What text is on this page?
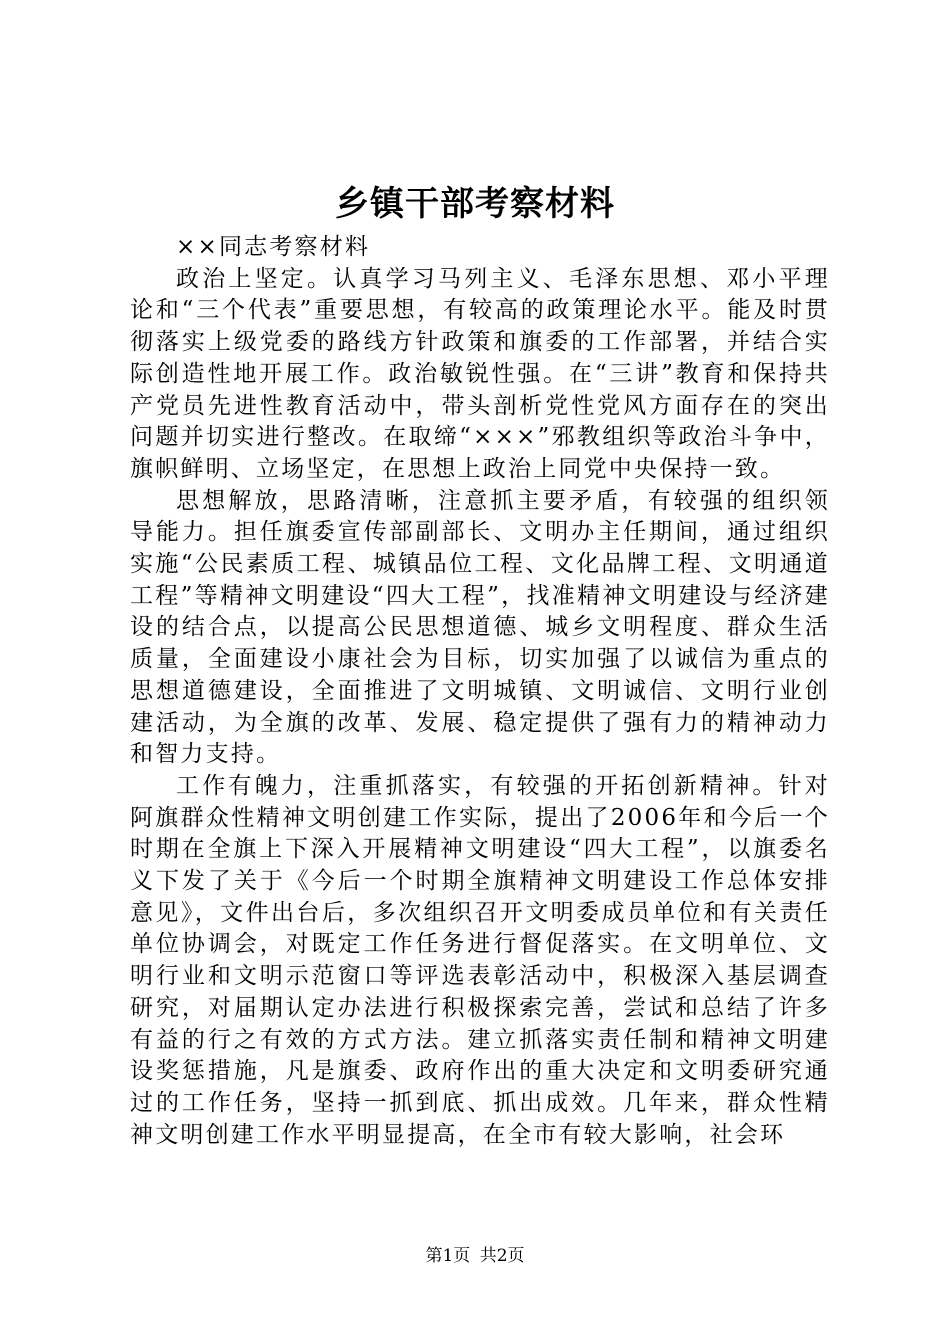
乡镇干部考察材料
××同志考察材料

政治上坚定。认真学习马列主义、毛泽东思想、邓小平理论和“三个代表”重要思想，有较高的政策理论水平。能及时贯彻落实上级党委的路线方针政策和旗委的工作部署，并结合实际创造性地开展工作。政治敏锐性强。在“三讲”教育和保持共产党员先进性教育活动中，带头剖析党性党风方面存在的突出问题并切实进行整改。在取缔“×××”邪教组织等政治斗争中，旗帜鲜明、立场坚定，在思想上政治上同党中央保持一致。

思想解放，思路清晰，注意抓主要矛盾，有较强的组织领导能力。担任旗委宣传部副部长、文明办主任期间，通过组织实施“公民素质工程、城镇品位工程、文化品牌工程、文明通道工程”等精神文明建设“四大工程”，找准精神文明建设与经济建设的结合点，以提高公民思想道德、城乡文明程度、群众生活质量，全面建设小康社会为目标，切实加强了以诚信为重点的思想道德建设，全面推进了文明城镇、文明诚信、文明行业创建活动，为全旗的改革、发展、稳定提供了强有力的精神动力和智力支持。

工作有魄力，注重抓落实，有较强的开拓创新精神。针对阿旗群众性精神文明创建工作实际，提出了2006年和今后一个时期在全旗上下深入开展精神文明建设“四大工程”，以旗委名义下发了关于《今后一个时期全旗精神文明建设工作总体安排意见》，文件出台后，多次组织召开文明委成员单位和有关责任单位协调会，对既定工作任务进行督促落实。在文明单位、文明行业和文明示范窗口等评选表彰活动中，积极深入基层调查研究，对届期认定办法进行积极探索完善，尝试和总结了许多有益的行之有效的方式方法。建立抓落实责任制和精神文明建设奖惩措施，凡是旗委、政府作出的重大决定和文明委研究通过的工作任务，坚持一抓到底、抓出成效。几年来，群众性精神文明创建工作水平明显提高，在全市有较大影响，社会环

第1页 共2页
